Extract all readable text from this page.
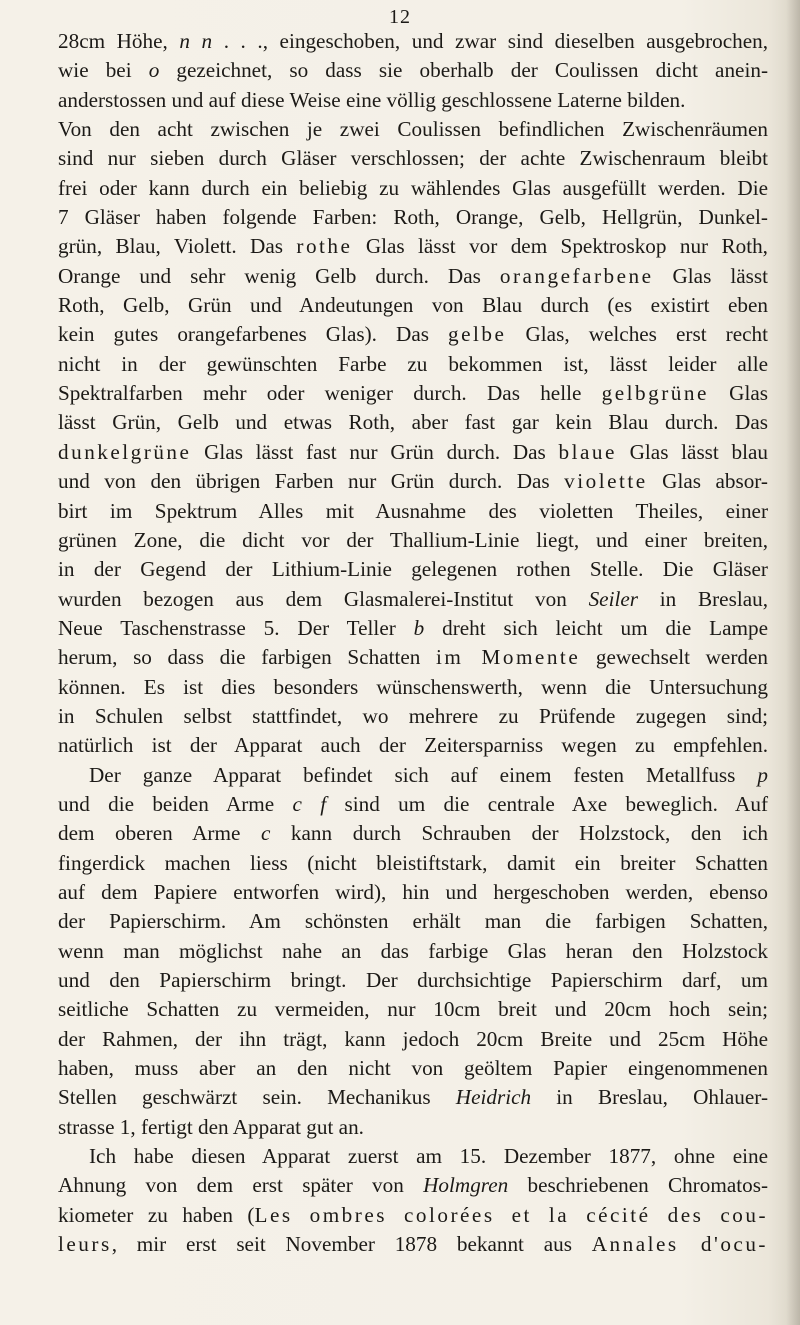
12
28cm Höhe, n n . . ., eingeschoben, und zwar sind dieselben ausgebrochen,
wie bei o gezeichnet, so dass sie oberhalb der Coulissen dicht anein-
anderstossen und auf diese Weise eine völlig geschlossene Laterne bilden.
Von den acht zwischen je zwei Coulissen befindlichen Zwischenräumen
sind nur sieben durch Gläser verschlossen; der achte Zwischenraum bleibt
frei oder kann durch ein beliebig zu wählendes Glas ausgefüllt werden. Die
7 Gläser haben folgende Farben: Roth, Orange, Gelb, Hellgrün, Dunkel-
grün, Blau, Violett. Das rothe Glas lässt vor dem Spektroskop nur Roth,
Orange und sehr wenig Gelb durch. Das orangefarbene Glas lässt
Roth, Gelb, Grün und Andeutungen von Blau durch (es existirt eben
kein gutes orangefarbenes Glas). Das gelbe Glas, welches erst recht
nicht in der gewünschten Farbe zu bekommen ist, lässt leider alle
Spektralfarben mehr oder weniger durch. Das helle gelbgrüne Glas
lässt Grün, Gelb und etwas Roth, aber fast gar kein Blau durch. Das
dunkelgrüne Glas lässt fast nur Grün durch. Das blaue Glas lässt blau
und von den übrigen Farben nur Grün durch. Das violette Glas absor-
birt im Spektrum Alles mit Ausnahme des violetten Theiles, einer
grünen Zone, die dicht vor der Thallium-Linie liegt, und einer breiten,
in der Gegend der Lithium-Linie gelegenen rothen Stelle. Die Gläser
wurden bezogen aus dem Glasmalerei-Institut von Seiler in Breslau,
Neue Taschenstrasse 5. Der Teller b dreht sich leicht um die Lampe
herum, so dass die farbigen Schatten im Momente gewechselt werden
können. Es ist dies besonders wünschenswerth, wenn die Untersuchung
in Schulen selbst stattfindet, wo mehrere zu Prüfende zugegen sind;
natürlich ist der Apparat auch der Zeitersparniss wegen zu empfehlen.
Der ganze Apparat befindet sich auf einem festen Metallfuss p
und die beiden Arme c f sind um die centrale Axe beweglich. Auf
dem oberen Arme c kann durch Schrauben der Holzstock, den ich
fingerdick machen liess (nicht bleistiftstark, damit ein breiter Schatten
auf dem Papiere entworfen wird), hin und hergeschoben werden, ebenso
der Papierschirm. Am schönsten erhält man die farbigen Schatten,
wenn man möglichst nahe an das farbige Glas heran den Holzstock
und den Papierschirm bringt. Der durchsichtige Papierschirm darf, um
seitliche Schatten zu vermeiden, nur 10cm breit und 20cm hoch sein;
der Rahmen, der ihn trägt, kann jedoch 20cm Breite und 25cm Höhe
haben, muss aber an den nicht von geöltem Papier eingenommenen
Stellen geschwärzt sein. Mechanikus Heidrich in Breslau, Ohlauer-
strasse 1, fertigt den Apparat gut an.
Ich habe diesen Apparat zuerst am 15. Dezember 1877, ohne eine
Ahnung von dem erst später von Holmgren beschriebenen Chromatos-
kiometer zu haben (Les ombres colorées et la cécité des cou-
leurs, mir erst seit November 1878 bekannt aus Annales d'ocu-
